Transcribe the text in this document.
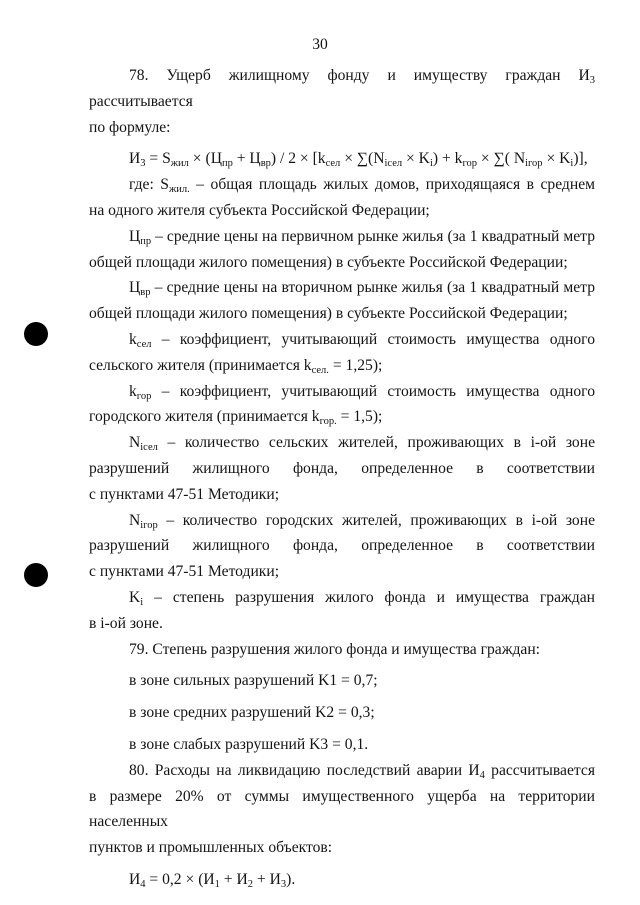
30

78. Ущерб жилищному фонду и имуществу граждан $И_3$ рассчитывается

по формуле:

$И_3 = S_{жил} \times (Ц_{пр} + Ц_{вр}) / 2 \times [k_{сел} \times \sum(N_{iсел} \times K_i) + k_{гор}$ × ∑( $N_{iгор} \times K_i$)],

где: $S_{жил.}$ – общая площадь жилых домов, приходящаяся в среднем

на одного жителя субъекта Российской Федерации;

$Ц_{пр}$ – средние цены на первичном рынке жилья (за 1 квадратный метр

общей площади жилого помещения) в субъекте Российской Федерации;

$Ц_{вр}$ – средние цены на вторичном рынке жилья (за 1 квадратный метр

общей площади жилого помещения) в субъекте Российской Федерации;

$k_{сел}$ – коэффициент, учитывающий стоимость имущества одного

сельского жителя (принимается $k_{сел.} = 1,25$);

$k_{гор}$ – коэффициент, учитывающий стоимость имущества одного

городского жителя (принимается $k_{гор.} = 1,5$);

$N_{iсел}$ – количество сельских жителей, проживающих в i-ой зоне

разрушений жилищного фонда, определенное в соответствии

с пунктами 47-51 Методики;

$N_{iгор}$ – количество городских жителей, проживающих в i-ой зоне

разрушений жилищного фонда, определенное в соответствии

с пунктами 47-51 Методики;

$K_i$ – степень разрушения жилого фонда и имущества граждан

в i-ой зоне.

79. Степень разрушения жилого фонда и имущества граждан:

в зоне сильных разрушений K1 = 0,7;

в зоне средних разрушений K2 = 0,3;

в зоне слабых разрушений K3 = 0,1.

80. Расходы на ликвидацию последствий аварии $И_4$ рассчитывается

в размере 20% от суммы имущественного ущерба на территории населенных

пунктов и промышленных объектов:

$И_4 = 0,2 \times (И_1 + И_2 + И_3)$.
